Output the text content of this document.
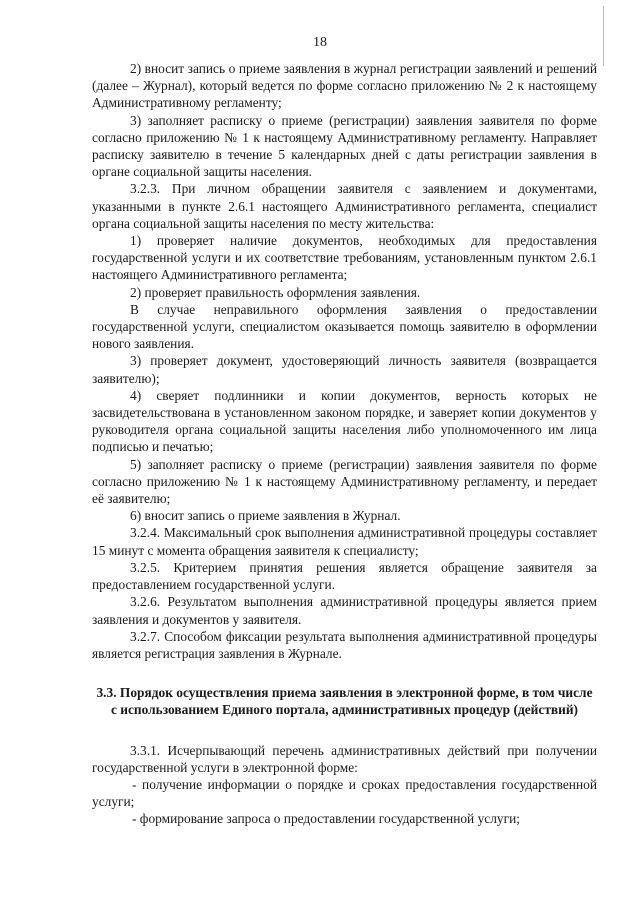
18

2) вносит запись о приеме заявления в журнал регистрации заявлений и решений (далее – Журнал), который ведется по форме согласно приложению № 2 к настоящему Административному регламенту;

3) заполняет расписку о приеме (регистрации) заявления заявителя по форме согласно приложению № 1 к настоящему Административному регламенту. Направляет расписку заявителю в течение 5 календарных дней с даты регистрации заявления в органе социальной защиты населения.

3.2.3. При личном обращении заявителя с заявлением и документами, указанными в пункте 2.6.1 настоящего Административного регламента, специалист органа социальной защиты населения по месту жительства:

1) проверяет наличие документов, необходимых для предоставления государственной услуги и их соответствие требованиям, установленным пунктом 2.6.1 настоящего Административного регламента;

2) проверяет правильность оформления заявления.

В случае неправильного оформления заявления о предоставлении государственной услуги, специалистом оказывается помощь заявителю в оформлении нового заявления.

3) проверяет документ, удостоверяющий личность заявителя (возвращается заявителю);

4) сверяет подлинники и копии документов, верность которых не засвидетельствована в установленном законом порядке, и заверяет копии документов у руководителя органа социальной защиты населения либо уполномоченного им лица подписью и печатью;

5) заполняет расписку о приеме (регистрации) заявления заявителя по форме согласно приложению № 1 к настоящему Административному регламенту, и передает её заявителю;

6) вносит запись о приеме заявления в Журнал.

3.2.4. Максимальный срок выполнения административной процедуры составляет 15 минут с момента обращения заявителя к специалисту;

3.2.5. Критерием принятия решения является обращение заявителя за предоставлением государственной услуги.

3.2.6. Результатом выполнения административной процедуры является прием заявления и документов у заявителя.

3.2.7. Способом фиксации результата выполнения административной процедуры является регистрация заявления в Журнале.

3.3. Порядок осуществления приема заявления в электронной форме, в том числе с использованием Единого портала, административных процедур (действий)

3.3.1. Исчерпывающий перечень административных действий при получении государственной услуги в электронной форме:

- получение информации о порядке и сроках предоставления государственной услуги;

- формирование запроса о предоставлении государственной услуги;
